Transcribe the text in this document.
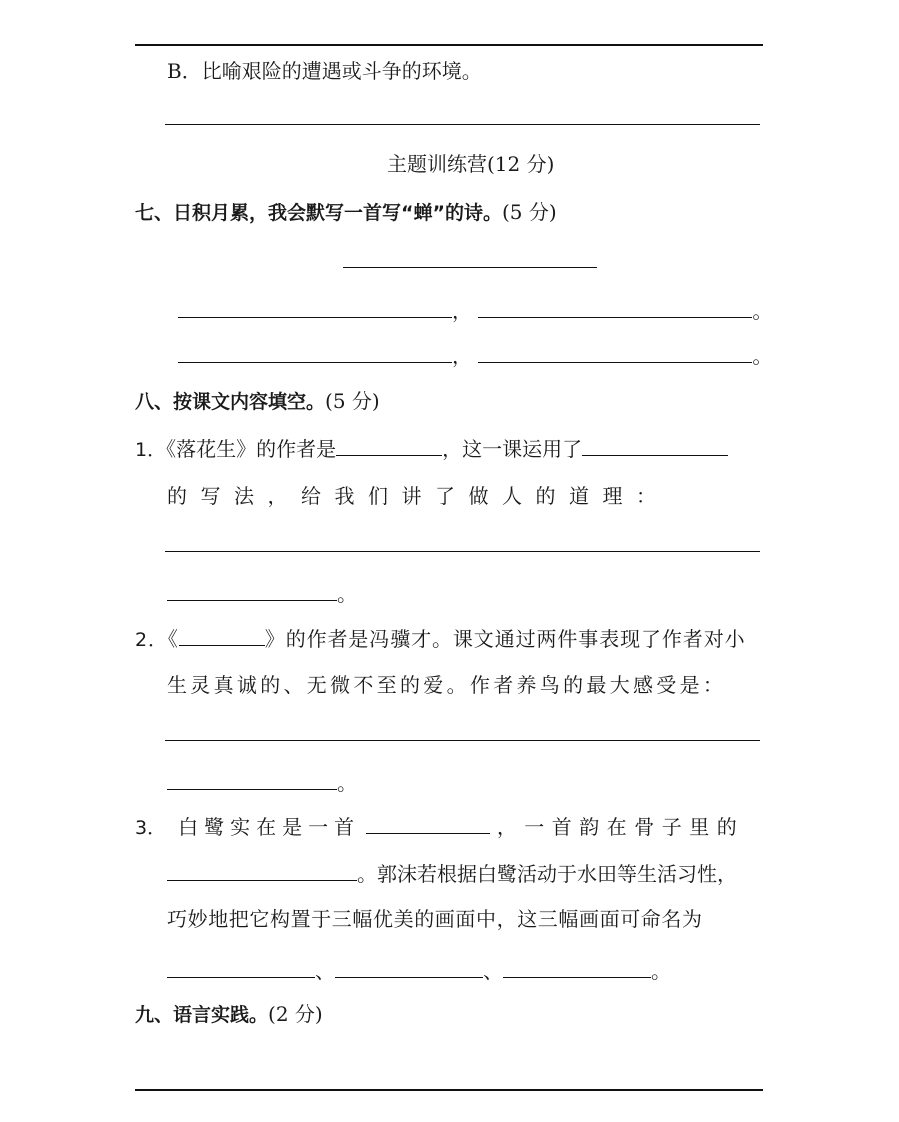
B．比喻艰险的遭遇或斗争的环境。
主题训练营(12 分)
七、日积月累，我会默写一首写“蝉”的诗。(5 分)
，	。
，	。
八、按课文内容填空。(5 分)
1．《落花生》的作者是	，这一课运用了
的写法，给我们讲了做人的道理：
。
2．《	》的作者是冯骥才。课文通过两件事表现了作者对小
生灵真诚的、无微不至的爱。作者养鸟的最大感受是：
。
3． 白鹭实在是一首	，一首韵在骨子里的
。郭沫若根据白鹭活动于水田等生活习性，
巧妙地把它构置于三幅优美的画面中，这三幅画面可命名为
、	、	。
九、语言实践。(2 分)
